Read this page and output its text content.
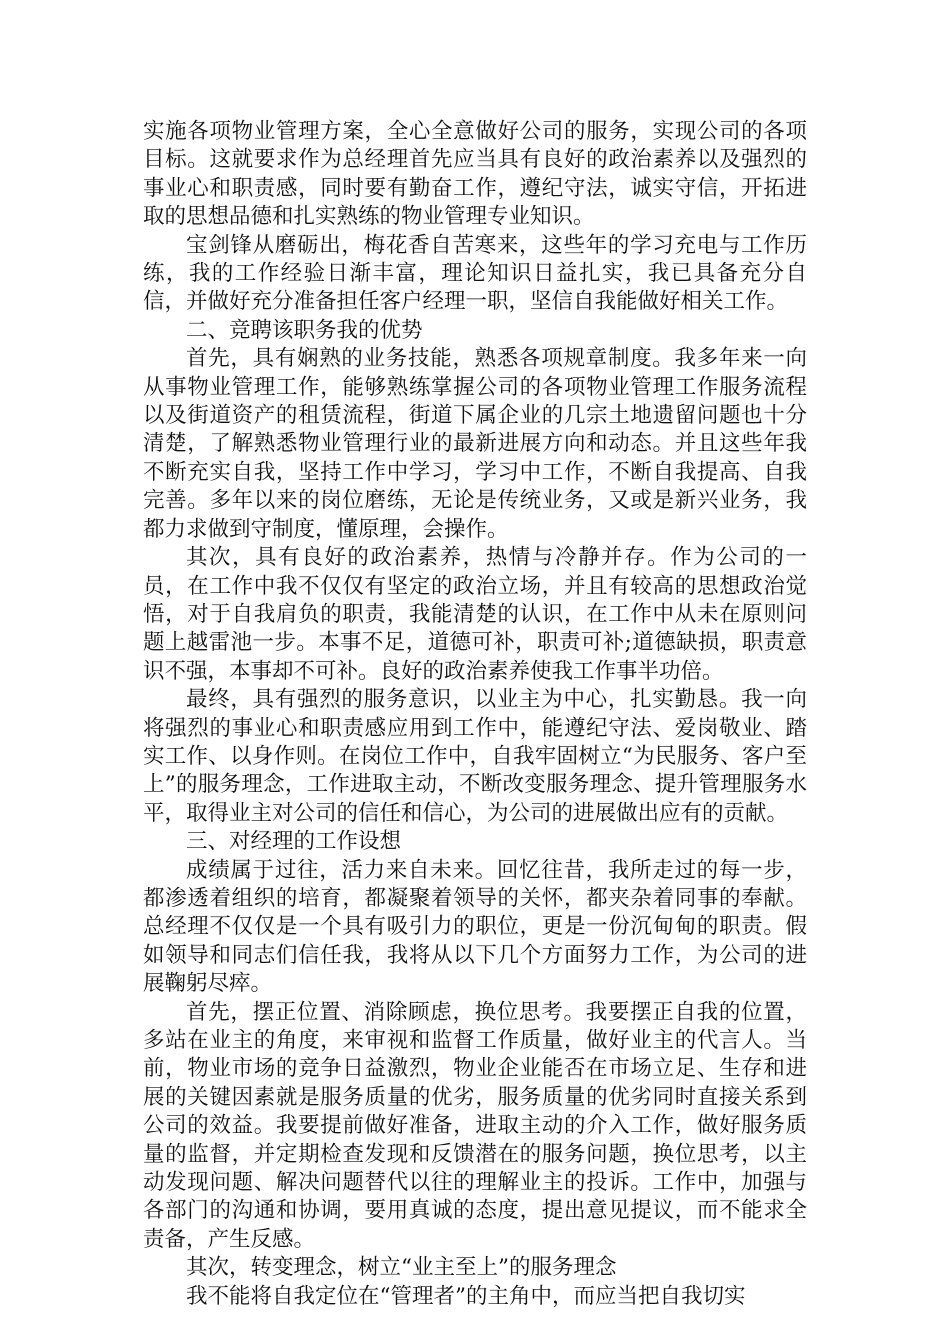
实施各项物业管理方案，全心全意做好公司的服务，实现公司的各项目标。这就要求作为总经理首先应当具有良好的政治素养以及强烈的事业心和职责感，同时要有勤奋工作，遵纪守法，诚实守信，开拓进取的思想品德和扎实熟练的物业管理专业知识。

宝剑锋从磨砺出，梅花香自苦寒来，这些年的学习充电与工作历练，我的工作经验日渐丰富，理论知识日益扎实，我已具备充分自信，并做好充分准备担任客户经理一职，坚信自我能做好相关工作。

二、竞聘该职务我的优势

首先，具有娴熟的业务技能，熟悉各项规章制度。我多年来一向从事物业管理工作，能够熟练掌握公司的各项物业管理工作服务流程以及街道资产的租赁流程，街道下属企业的几宗土地遗留问题也十分清楚，了解熟悉物业管理行业的最新进展方向和动态。并且这些年我不断充实自我，坚持工作中学习，学习中工作，不断自我提高、自我完善。多年以来的岗位磨练，无论是传统业务，又或是新兴业务，我都力求做到守制度，懂原理，会操作。

其次，具有良好的政治素养，热情与冷静并存。作为公司的一员，在工作中我不仅仅有坚定的政治立场，并且有较高的思想政治觉悟，对于自我肩负的职责，我能清楚的认识，在工作中从未在原则问题上越雷池一步。本事不足，道德可补，职责可补;道德缺损，职责意识不强，本事却不可补。良好的政治素养使我工作事半功倍。

最终，具有强烈的服务意识，以业主为中心，扎实勤恳。我一向将强烈的事业心和职责感应用到工作中，能遵纪守法、爱岗敬业、踏实工作、以身作则。在岗位工作中，自我牢固树立“为民服务、客户至上”的服务理念，工作进取主动，不断改变服务理念、提升管理服务水平，取得业主对公司的信任和信心，为公司的进展做出应有的贡献。

三、对经理的工作设想

成绩属于过往，活力来自未来。回忆往昔，我所走过的每一步，都渗透着组织的培育，都凝聚着领导的关怀，都夹杂着同事的奉献。总经理不仅仅是一个具有吸引力的职位，更是一份沉甸甸的职责。假如领导和同志们信任我，我将从以下几个方面努力工作，为公司的进展鞠躬尽瘁。

首先，摆正位置、消除顾虑，换位思考。我要摆正自我的位置，多站在业主的角度，来审视和监督工作质量，做好业主的代言人。当前，物业市场的竞争日益激烈，物业企业能否在市场立足、生存和进展的关键因素就是服务质量的优劣，服务质量的优劣同时直接关系到公司的效益。我要提前做好准备，进取主动的介入工作，做好服务质量的监督，并定期检查发现和反馈潜在的服务问题，换位思考，以主动发现问题、解决问题替代以往的理解业主的投诉。工作中，加强与各部门的沟通和协调，要用真诚的态度，提出意见提议，而不能求全责备，产生反感。

其次，转变理念，树立“业主至上”的服务理念

我不能将自我定位在“管理者”的主角中，而应当把自我切实
